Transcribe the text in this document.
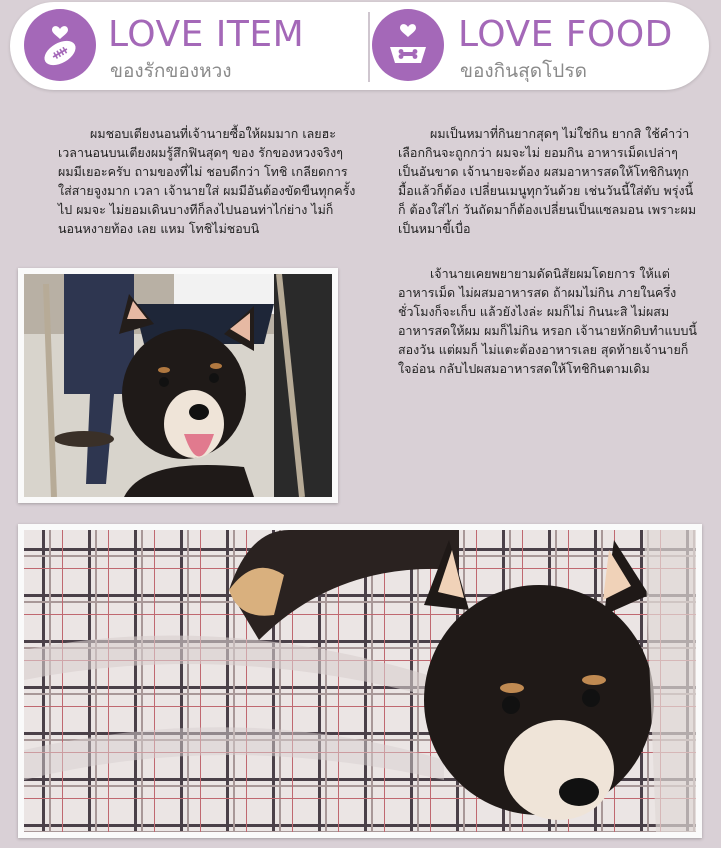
LOVE ITEM
ของรักของหวง
LOVE FOOD
ของกินสุดโปรด

ผมชอบเตียงนอนที่เจ้านายซื้อให้ผมมาก เลยฮะ เวลานอนบนเตียงผมรู้สึกฟินสุดๆ ของ รักของหวงจริงๆ ผมมีเยอะครับ ถามของที่ไม่ ชอบดีกว่า โทชิ เกลียดการใส่สายจูงมาก เวลา เจ้านายใส่ ผมมีอันต้องขัดขืนทุกครั้งไป ผมจะ ไม่ยอมเดินบางทีก็ลงไปนอนท่าไก่ย่าง ไม่ก็ นอนหงายท้อง เลย แหม โทชิไม่ชอบนิ

ผมเป็นหมาที่กินยากสุดๆ ไม่ใช่กิน ยากสิ ใช้คำว่าเลือกกินจะถูกกว่า ผมจะไม่ ยอมกิน อาหารเม็ดเปล่าๆเป็นอันขาด เจ้านายจะต้อง ผสมอาหารสดให้โทชิกินทุกมื้อแล้วก็ต้อง เปลี่ยนเมนูทุกวันด้วย เช่นวันนี้ใส่ตับ พรุ่งนี้ก็ ต้องใส่ไก่ วันถัดมาก็ต้องเปลี่ยนเป็นแซลมอน เพราะผมเป็นหมาขี้เบื่อ

เจ้านายเคยพยายามดัดนิสัยผมโดยการ ให้แต่อาหารเม็ด ไม่ผสมอาหารสด ถ้าผมไม่กิน ภายในครึ่งชั่วโมงก็จะเก็บ แล้วยังไงล่ะ ผมก็ไม่ กินนะสิ ไม่ผสมอาหารสดให้ผม ผมก็ไม่กิน หรอก เจ้านายหักดิบทำแบบนี้สองวัน แต่ผมก็ ไม่แตะต้องอาหารเลย สุดท้ายเจ้านายก็ใจอ่อน กลับไปผสมอาหารสดให้โทชิกินตามเดิม
